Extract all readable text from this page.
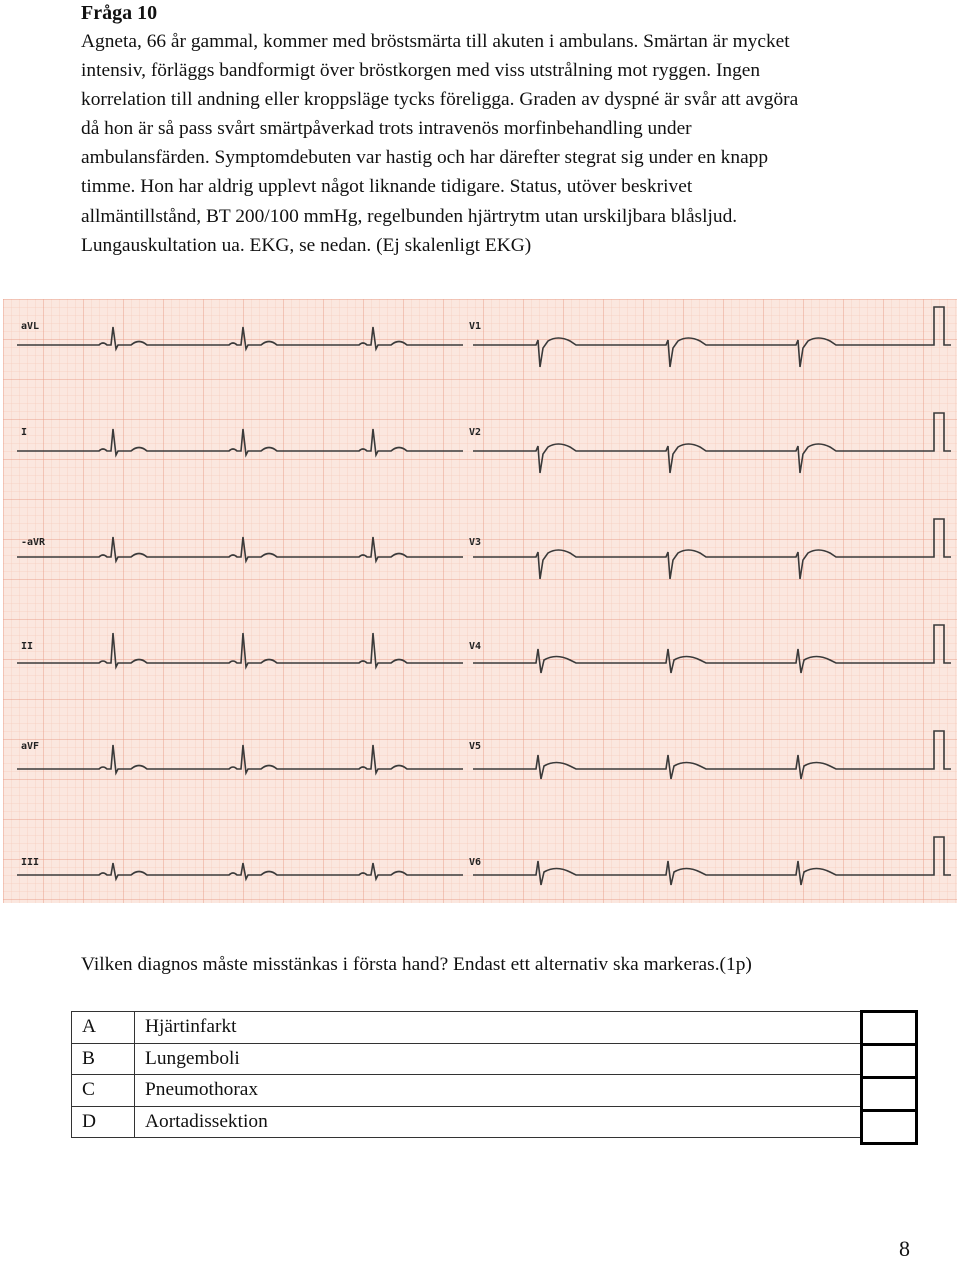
Fråga 10
Agneta, 66 år gammal, kommer med bröstsmärta till akuten i ambulans. Smärtan är mycket
intensiv, förläggs bandformigt över bröstkorgen med viss utstrålning mot ryggen. Ingen
korrelation till andning eller kroppsläge tycks föreligga. Graden av dyspné är svår att avgöra
då hon är så pass svårt smärtpåverkad trots intravenös morfinbehandling under
ambulansfärden. Symptomdebuten var hastig och har därefter stegrat sig under en knapp
timme. Hon har aldrig upplevt något liknande tidigare. Status, utöver beskrivet
allmäntillstånd, BT 200/100 mmHg, regelbunden hjärtrytm utan urskiljbara blåsljud.
Lungauskultation ua. EKG, se nedan. (Ej skalenligt EKG)
aVL
I
-aVR
II
aVF
III
V1
V2
V3
V4
V5
V6
Vilken diagnos måste misstänkas i första hand? Endast ett alternativ ska markeras.(1p)
A	Hjärtinfarkt
B	Lungemboli
C	Pneumothorax
D	Aortadissektion
8
